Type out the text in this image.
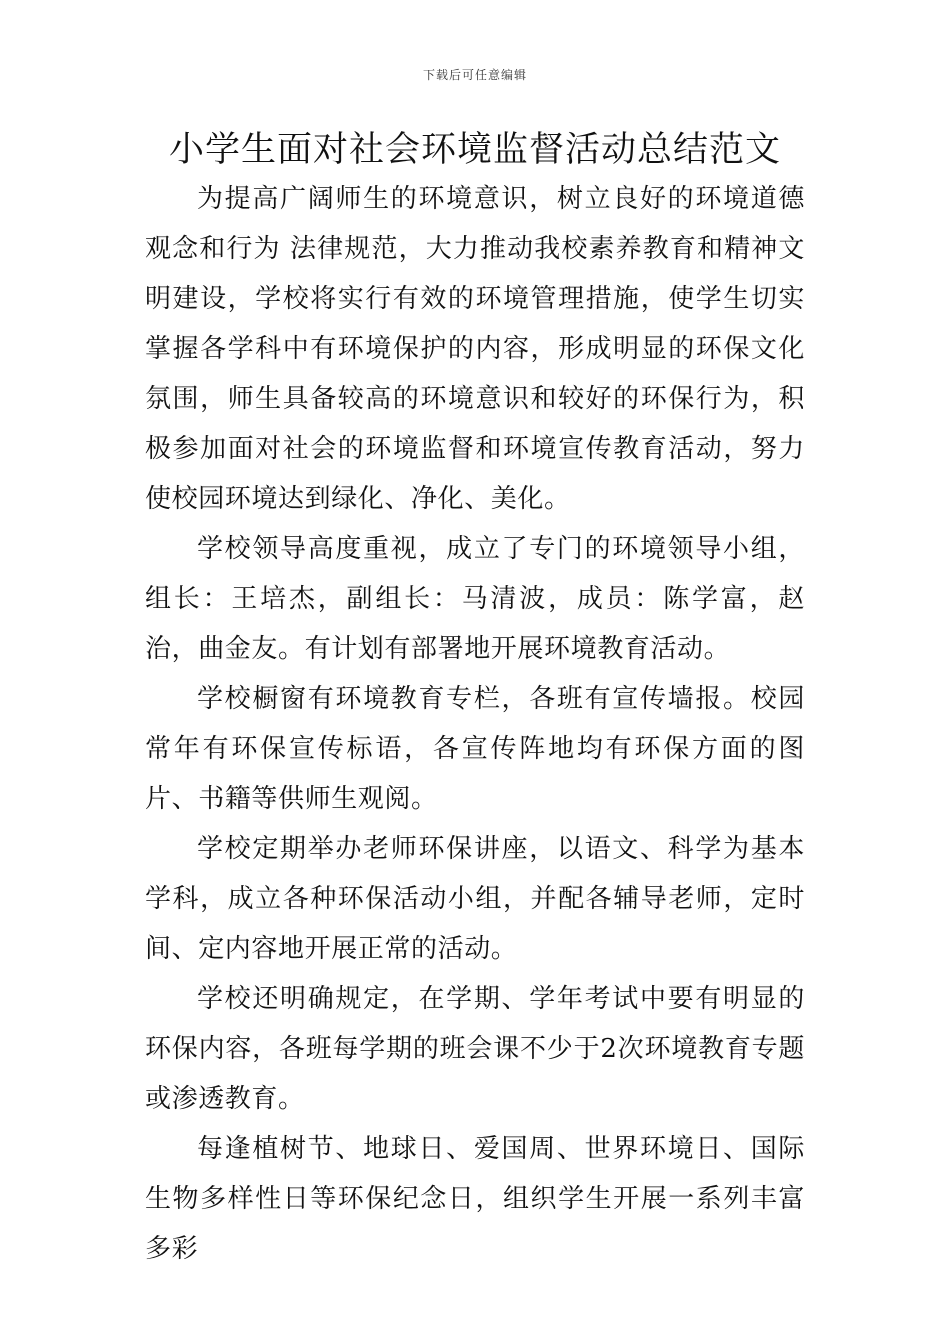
下载后可任意编辑
小学生面对社会环境监督活动总结范文

为提高广阔师生的环境意识，树立良好的环境道德观念和行为 法律规范，大力推动我校素养教育和精神文明建设，学校将实行有效的环境管理措施，使学生切实掌握各学科中有环境保护的内容，形成明显的环保文化氛围，师生具备较高的环境意识和较好的环保行为，积极参加面对社会的环境监督和环境宣传教育活动，努力使校园环境达到绿化、净化、美化。

学校领导高度重视，成立了专门的环境领导小组，组长：王培杰，副组长：马清波，成员：陈学富，赵治，曲金友。有计划有部署地开展环境教育活动。

学校橱窗有环境教育专栏，各班有宣传墙报。校园常年有环保宣传标语，各宣传阵地均有环保方面的图片、书籍等供师生观阅。

学校定期举办老师环保讲座，以语文、科学为基本学科，成立各种环保活动小组，并配各辅导老师，定时间、定内容地开展正常的活动。

学校还明确规定，在学期、学年考试中要有明显的环保内容，各班每学期的班会课不少于2次环境教育专题或渗透教育。

每逢植树节、地球日、爱国周、世界环境日、国际生物多样性日等环保纪念日，组织学生开展一系列丰富多彩
